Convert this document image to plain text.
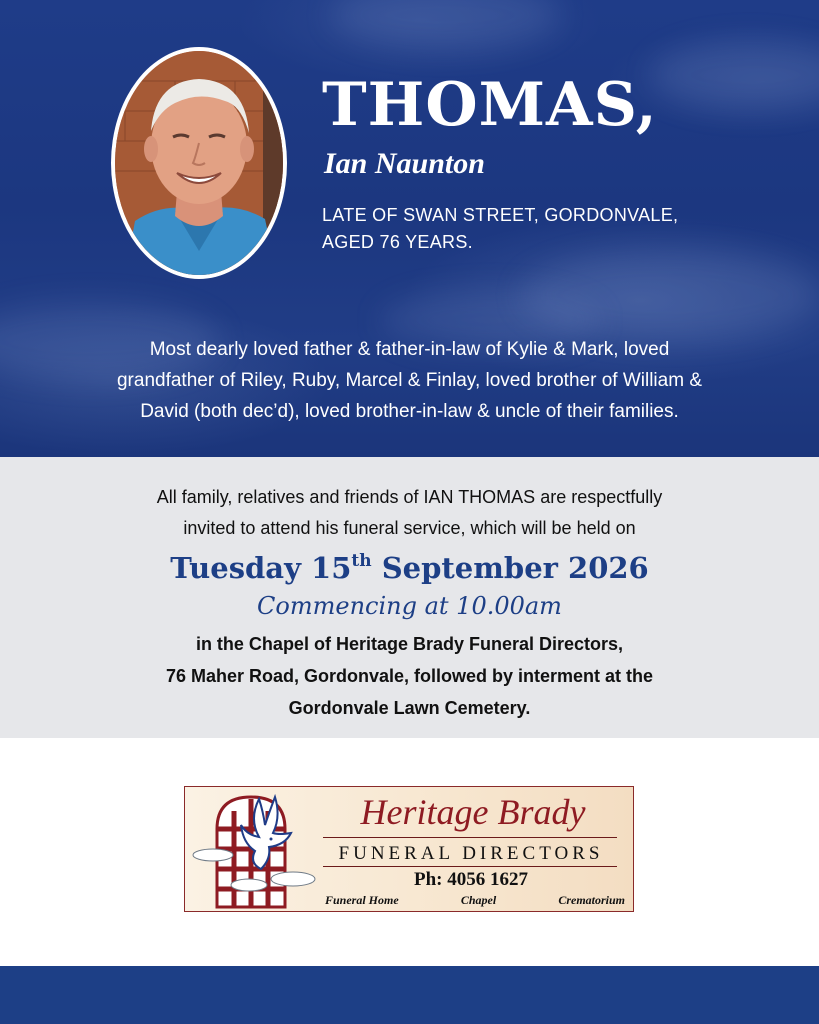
THOMAS,
Ian Naunton
LATE OF SWAN STREET, GORDONVALE,
AGED 76 YEARS.
Most dearly loved father & father-in-law of Kylie & Mark, loved
grandfather of Riley, Ruby, Marcel & Finlay, loved brother of William &
David (both dec’d), loved brother-in-law & uncle of their families.
All family, relatives and friends of IAN THOMAS are respectfully
invited to attend his funeral service, which will be held on
Tuesday 15th September 2026
Commencing at 10.00am
in the Chapel of Heritage Brady Funeral Directors,
76 Maher Road, Gordonvale, followed by interment at the
Gordonvale Lawn Cemetery.
Heritage Brady
FUNERAL DIRECTORS
Ph: 4056 1627
Funeral Home	Chapel	Crematorium
